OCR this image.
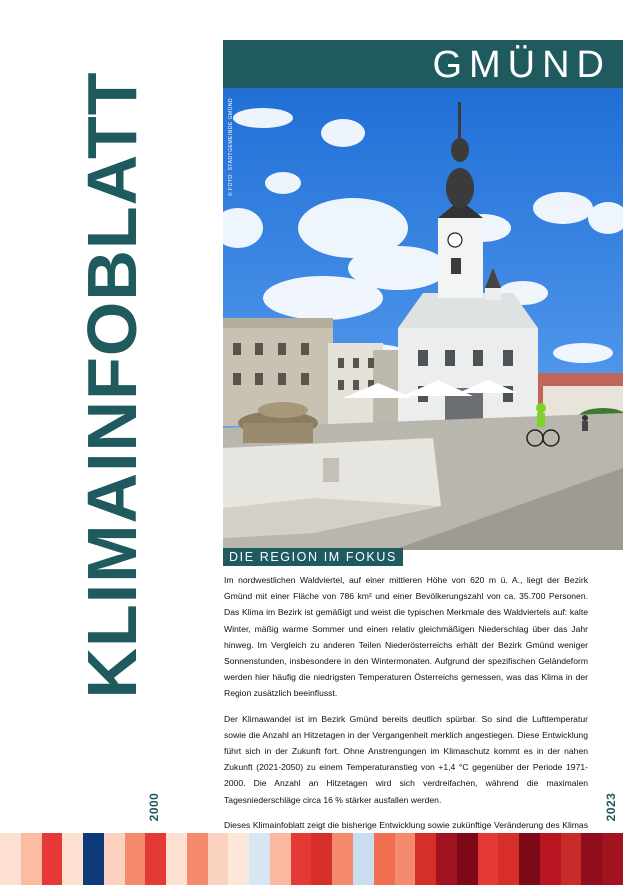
KLIMAINFOBLATT
GMÜND
© FOTO: STADTGEMEINDE GMÜND
DIE REGION IM FOKUS

Im nordwestlichen Waldviertel, auf einer mittleren Höhe von 620 m ü. A., liegt der Bezirk Gmünd mit einer Fläche von 786 km² und einer Bevölkerungszahl von ca. 35.700 Personen. Das Klima im Bezirk ist gemäßigt und weist die typischen Merkmale des Waldviertels auf: kalte Winter, mäßig warme Sommer und einen relativ gleichmäßigen Niederschlag über das Jahr hinweg. Im Vergleich zu anderen Teilen Niederösterreichs erhält der Bezirk Gmünd weniger Sonnenstunden, insbesondere in den Wintermonaten. Aufgrund der spezifischen Geländeform werden hier häufig die niedrigsten Temperaturen Österreichs gemessen, was das Klima in der Region zusätzlich beeinflusst.

Der Klimawandel ist im Bezirk Gmünd bereits deutlich spürbar. So sind die Lufttemperatur sowie die Anzahl an Hitzetagen in der Vergangenheit merklich angestiegen. Diese Entwicklung führt sich in der Zukunft fort. Ohne Anstrengungen im Klimaschutz kommt es in der nahen Zukunft (2021-2050) zu einem Temperaturanstieg von +1,4 °C gegenüber der Periode 1971-2000. Die Anzahl an Hitzetagen wird sich verdreifachen, während die maximalen Tagesniederschläge circa 16 % stärker ausfallen werden.

Dieses Klimainfoblatt zeigt die bisherige Entwicklung sowie zukünftige Veränderung des Klimas

2000	2023
